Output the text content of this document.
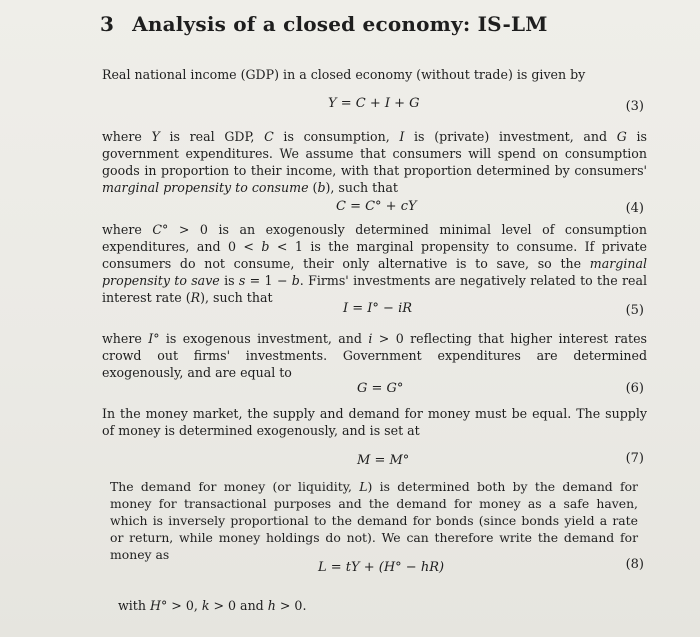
3 Analysis of a closed economy: IS-LM
Real national income (GDP) in a closed economy (without trade) is given by
Y = C + I + G	(3)
where Y is real GDP, C is consumption, I is (private) investment, and G is government expenditures. We assume that consumers will spend on consumption goods in proportion to their income, with that proportion determined by consumers' marginal propensity to consume (b), such that
C = C° + cY	(4)
where C° > 0 is an exogenously determined minimal level of consumption expenditures, and 0 < b < 1 is the marginal propensity to consume. If private consumers do not consume, their only alternative is to save, so the marginal propensity to save is s = 1 − b. Firms' investments are negatively related to the real interest rate (R), such that
I = I° − iR	(5)
where I° is exogenous investment, and i > 0 reflecting that higher interest rates crowd out firms' investments. Government expenditures are determined exogenously, and are equal to
G = G°	(6)
In the money market, the supply and demand for money must be equal. The supply of money is determined exogenously, and is set at
M = M°	(7)
The demand for money (or liquidity, L) is determined both by the demand for money for transactional purposes and the demand for money as a safe haven, which is inversely proportional to the demand for bonds (since bonds yield a rate or return, while money holdings do not). We can therefore write the demand for money as
L = tY + (H° − hR)	(8)
with H° > 0, k > 0 and h > 0.
